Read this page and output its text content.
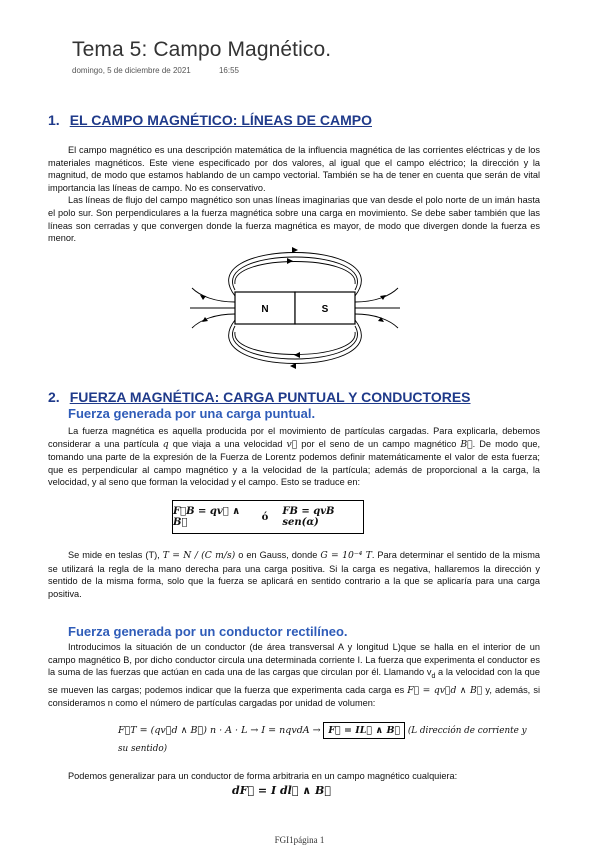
Tema 5: Campo Magnético.
domingo, 5 de diciembre de 2021	16:55
1. EL CAMPO MAGNÉTICO: LÍNEAS DE CAMPO

El campo magnético es una descripción matemática de la influencia magnética de las corrientes eléctricas y de los materiales magnéticos. Este viene especificado por dos valores, al igual que el campo eléctrico; la dirección y la magnitud, de modo que estamos hablando de un campo vectorial. También se ha de tener en cuenta que serán de vital importancia las líneas de campo. No es conservativo.

Las líneas de flujo del campo magnético son unas líneas imaginarias que van desde el polo norte de un imán hasta el polo sur. Son perpendiculares a la fuerza magnética sobre una carga en movimiento. Se debe saber también que las líneas son cerradas y que convergen donde la fuerza magnética es mayor, de modo que divergen donde la fuerza es menor.

N	S
2. FUERZA MAGNÉTICA: CARGA PUNTUAL Y CONDUCTORES
Fuerza generada por una carga puntual.

La fuerza magnética es aquella producida por el movimiento de partículas cargadas. Para explicarla, debemos considerar a una partícula q que viaja a una velocidad v⃗ por el seno de un campo magnético B⃗. De modo que, tomando una parte de la expresión de la Fuerza de Lorentz podemos definir matemáticamente el valor de esta fuerza; que es perpendicular al campo magnético y a la velocidad de la partícula; además de proporcional a la carga, la velocidad, y al seno que forman la velocidad y el campo. Esto se traduce en:

F⃗B = qv⃗ ∧ B⃗	ó FB = qvB sen(α)

Se mide en teslas (T), T = N / (C m/s) o en Gauss, donde G = 10⁻⁴ T. Para determinar el sentido de la misma se utilizará la regla de la mano derecha para una carga positiva. Si la carga es negativa, hallaremos la dirección y sentido de la misma forma, solo que la fuerza se aplicará en sentido contrario a la que se aplicaría para una carga positiva.

Fuerza generada por un conductor rectilíneo.

Introducimos la situación de un conductor (de área transversal A y longitud L)que se halla en el interior de un campo magnético B, por dicho conductor circula una determinada corriente I. La fuerza que experimenta el conductor es la suma de las fuerzas que actúan en cada una de las cargas que circulan por él. Llamando $v_d$ a la velocidad con la que se mueven las cargas; podemos indicar que la fuerza que experimenta cada carga es F⃗ = qv⃗d ∧ B⃗ y, además, si consideramos n como el número de partículas cargadas por unidad de volumen:

F⃗T = (qv⃗d ∧ B⃗) n · A · L → I = nqvdA → F⃗ = IL⃗ ∧ B⃗ (L dirección de corriente y su sentido)
Podemos generalizar para un conductor de forma arbitraria en un campo magnético cualquiera:
dF⃗ = I dl⃗ ∧ B⃗
FGI1página 1
